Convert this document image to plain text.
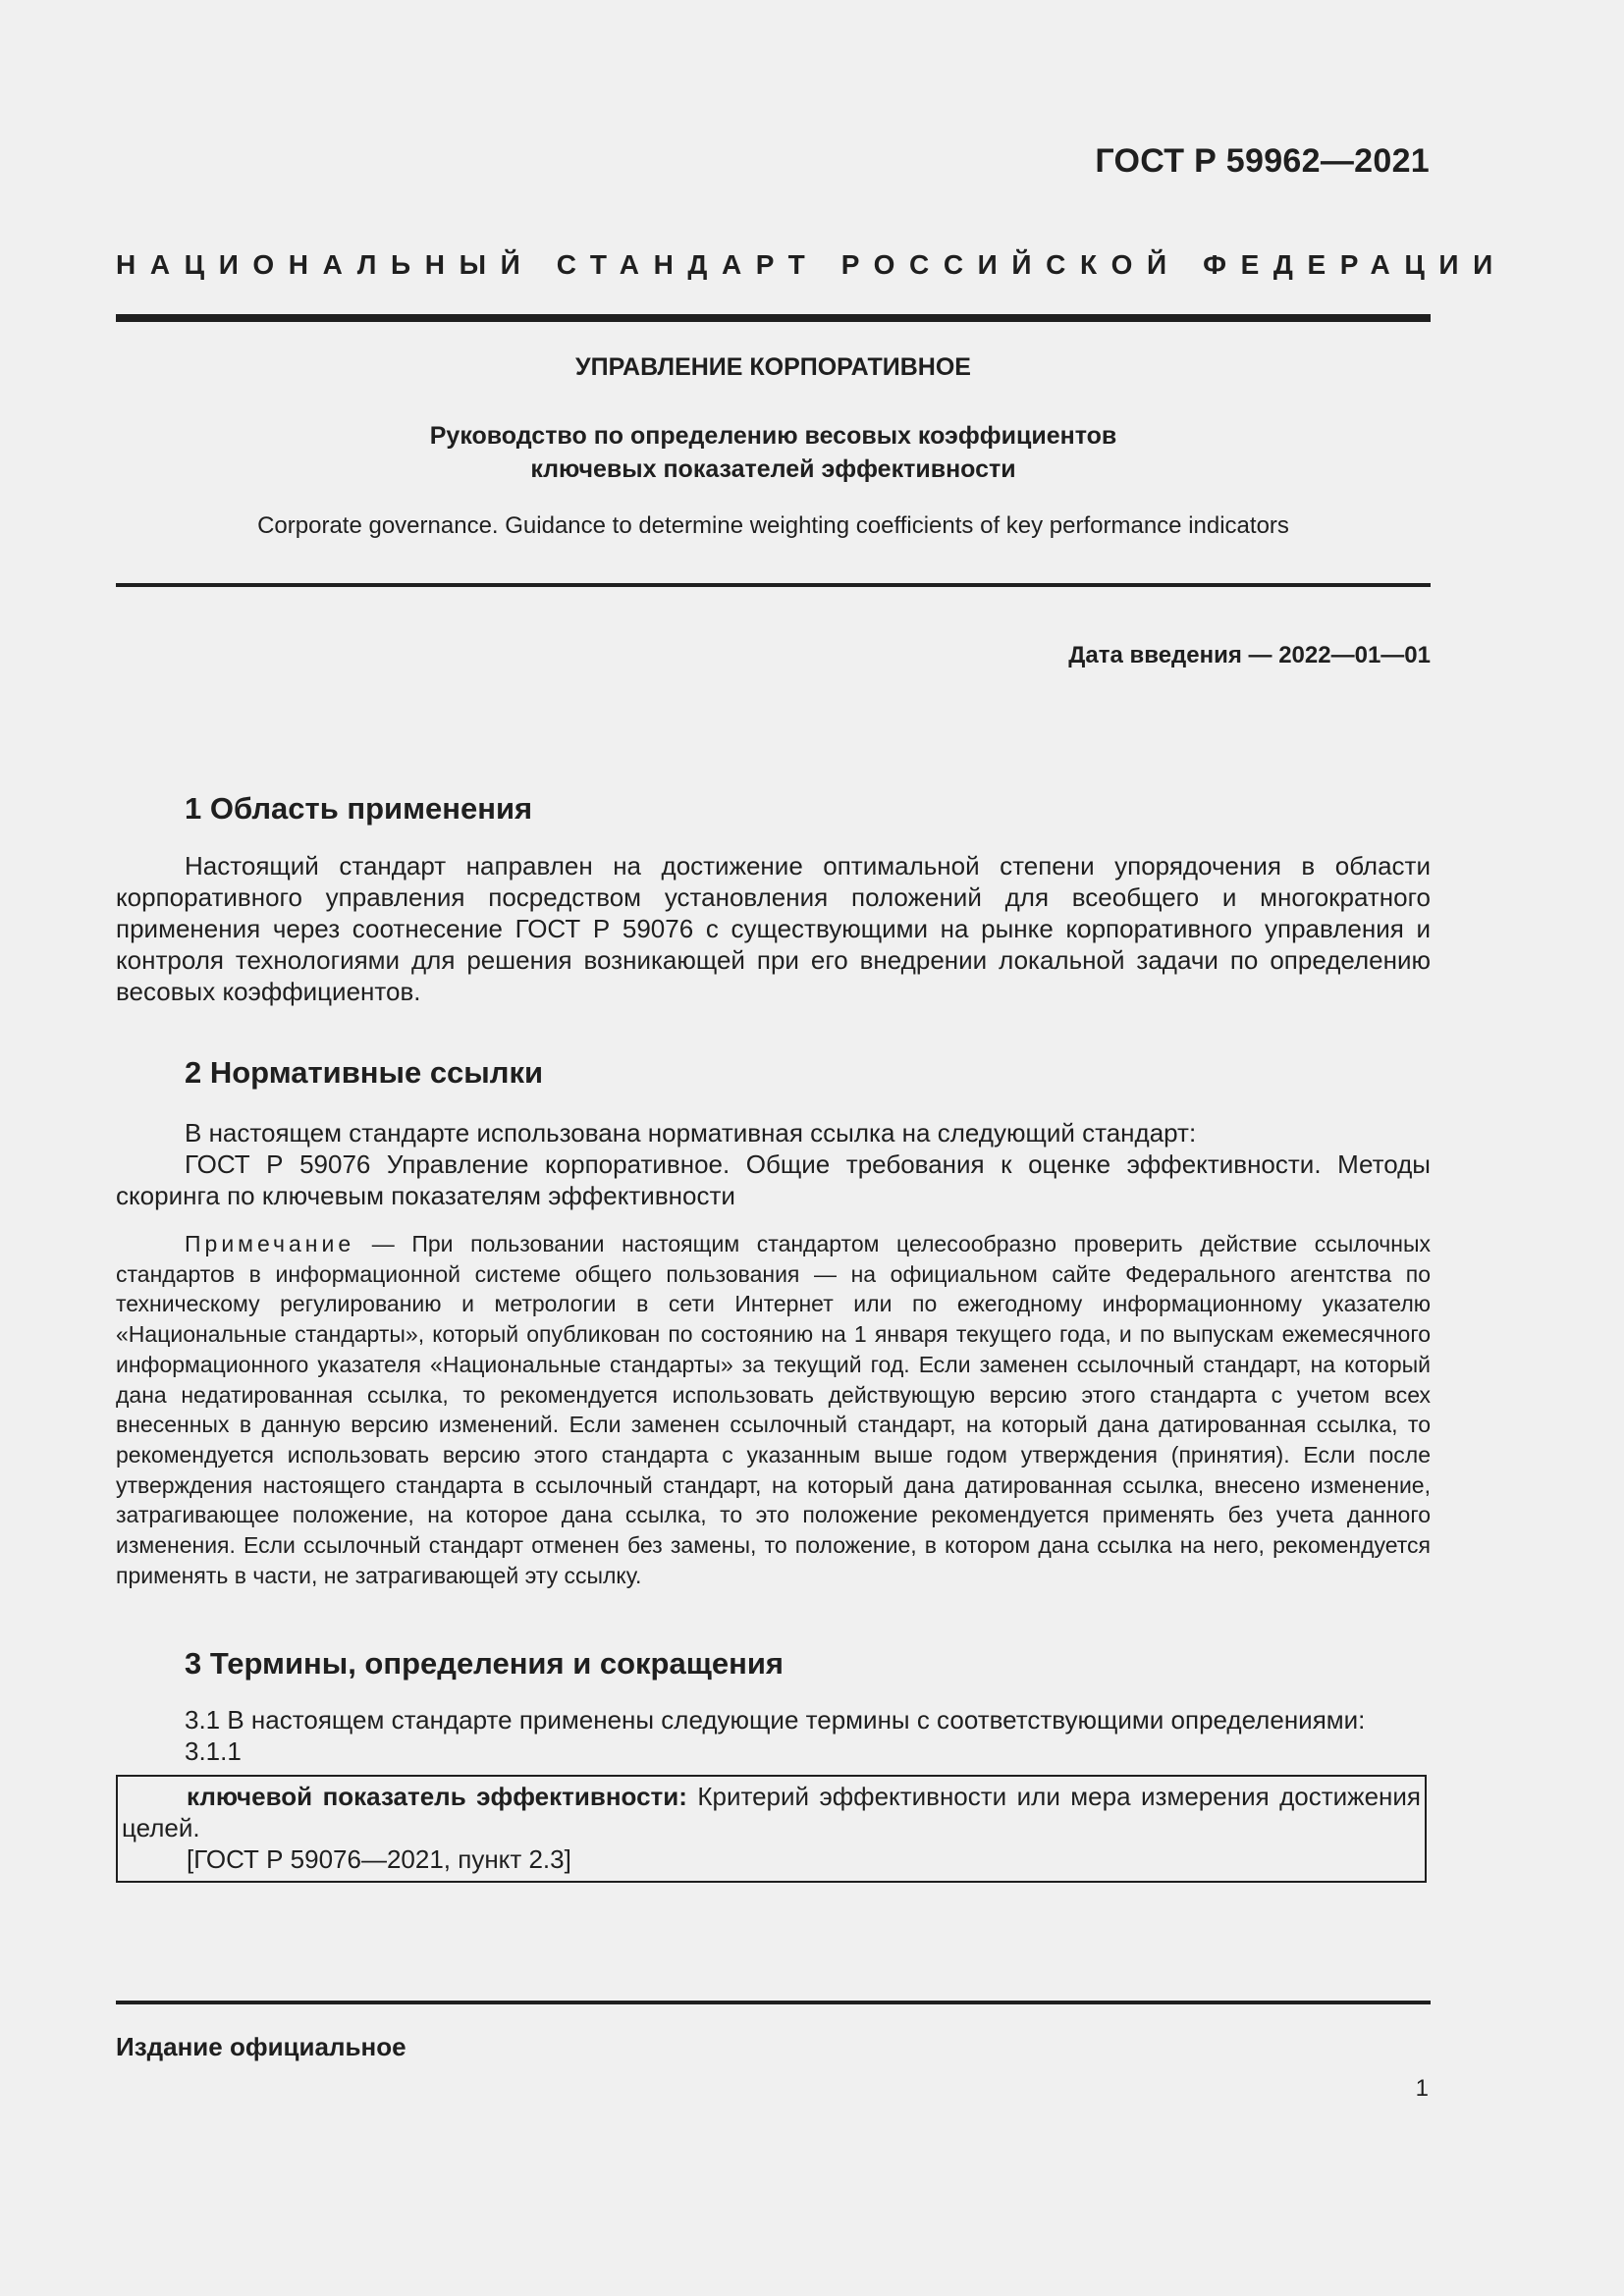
ГОСТ Р 59962—2021
НАЦИОНАЛЬНЫЙ СТАНДАРТ РОССИЙСКОЙ ФЕДЕРАЦИИ
УПРАВЛЕНИЕ КОРПОРАТИВНОЕ
Руководство по определению весовых коэффициентов
ключевых показателей эффективности
Corporate governance. Guidance to determine weighting coefficients of key performance indicators
Дата введения — 2022—01—01
1 Область применения

Настоящий стандарт направлен на достижение оптимальной степени упорядочения в области корпоративного управления посредством установления положений для всеобщего и многократного применения через соотнесение ГОСТ Р 59076 с существующими на рынке корпоративного управления и контроля технологиями для решения возникающей при его внедрении локальной задачи по определению весовых коэффициентов.

2 Нормативные ссылки

В настоящем стандарте использована нормативная ссылка на следующий стандарт:

ГОСТ Р 59076 Управление корпоративное. Общие требования к оценке эффективности. Методы скоринга по ключевым показателям эффективности

Примечание — При пользовании настоящим стандартом целесообразно проверить действие ссылочных стандартов в информационной системе общего пользования — на официальном сайте Федерального агентства по техническому регулированию и метрологии в сети Интернет или по ежегодному информационному указателю «Национальные стандарты», который опубликован по состоянию на 1 января текущего года, и по выпускам ежемесячного информационного указателя «Национальные стандарты» за текущий год. Если заменен ссылочный стандарт, на который дана недатированная ссылка, то рекомендуется использовать действующую версию этого стандарта с учетом всех внесенных в данную версию изменений. Если заменен ссылочный стандарт, на который дана датированная ссылка, то рекомендуется использовать версию этого стандарта с указанным выше годом утверждения (принятия). Если после утверждения настоящего стандарта в ссылочный стандарт, на который дана датированная ссылка, внесено изменение, затрагивающее положение, на которое дана ссылка, то это положение рекомендуется применять без учета данного изменения. Если ссылочный стандарт отменен без замены, то положение, в котором дана ссылка на него, рекомендуется применять в части, не затрагивающей эту ссылку.

3 Термины, определения и сокращения

3.1 В настоящем стандарте применены следующие термины с соответствующими определениями:

3.1.1

ключевой показатель эффективности: Критерий эффективности или мера измерения достижения целей.

[ГОСТ Р 59076—2021, пункт 2.3]

Издание официальное
1
